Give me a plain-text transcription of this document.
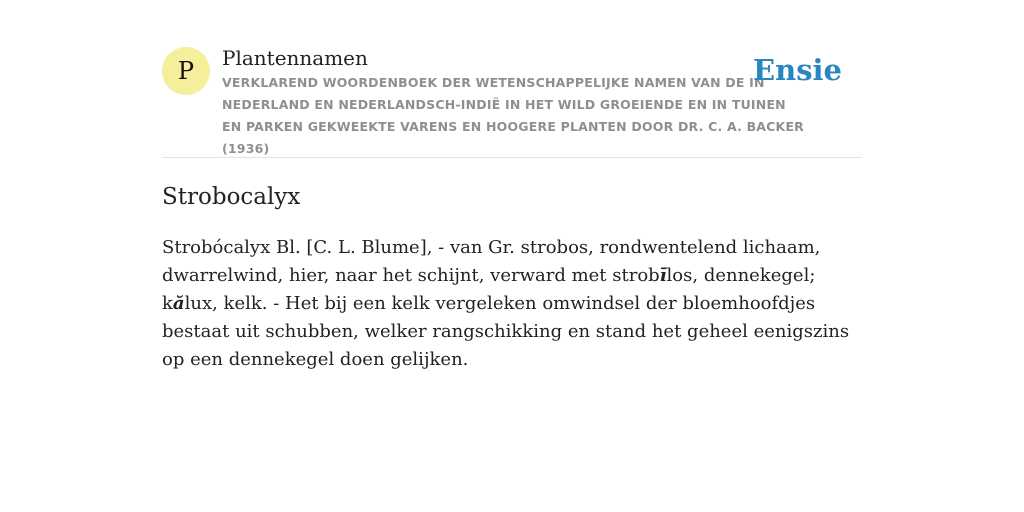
P Plantennamen
VERKLAREND WOORDENBOEK DER WETENSCHAPPELIJKE NAMEN VAN DE IN NEDERLAND EN NEDERLANDSCH-INDIË IN HET WILD GROEIENDE EN IN TUINEN EN PARKEN GEKWEEKTE VARENS EN HOOGERE PLANTEN DOOR DR. C. A. BACKER (1936)
Ensie
Strobocalyx

Strobócalyx Bl. [C. L. Blume], - van Gr. strobos, rondwentelend lichaam, dwarrelwind, hier, naar het schijnt, verward met strobīlos, dennekegel; kălux, kelk. - Het bij een kelk vergeleken omwindsel der bloemhoofdjes bestaat uit schubben, welker rangschikking en stand het geheel eenigszins op een dennekegel doen gelijken.
